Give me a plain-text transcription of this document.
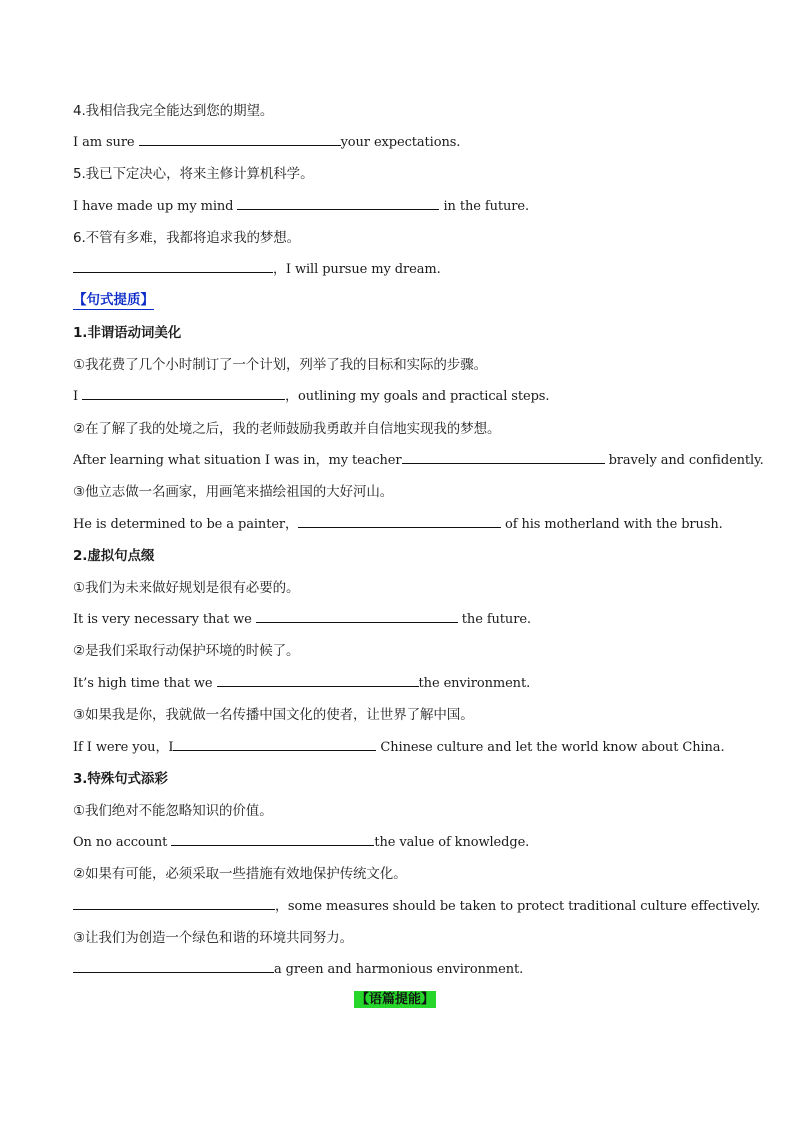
4.我相信我完全能达到您的期望。
I am sure	your expectations.
5.我已下定决心，将来主修计算机科学。
I have made up my mind	in the future.
6.不管有多难，我都将追求我的梦想。
，I will pursue my dream.
【句式提质】
1.非谓语动词美化
①我花费了几个小时制订了一个计划，列举了我的目标和实际的步骤。
I	，outlining my goals and practical steps.
②在了解了我的处境之后，我的老师鼓励我勇敢并自信地实现我的梦想。
After learning what situation I was in，my teacher	bravely and confidently.
③他立志做一名画家，用画笔来描绘祖国的大好河山。
He is determined to be a painter，	of his motherland with the brush.
2.虚拟句点缀
①我们为未来做好规划是很有必要的。
It is very necessary that we	the future.
②是我们采取行动保护环境的时候了。
It’s high time that we	the environment.
③如果我是你，我就做一名传播中国文化的使者，让世界了解中国。
If I were you，I	Chinese culture and let the world know about China.
3.特殊句式添彩
①我们绝对不能忽略知识的价值。
On no account	the value of knowledge.
②如果有可能，必须采取一些措施有效地保护传统文化。
，some measures should be taken to protect traditional culture effectively.
③让我们为创造一个绿色和谐的环境共同努力。
a green and harmonious environment.
【语篇提能】
